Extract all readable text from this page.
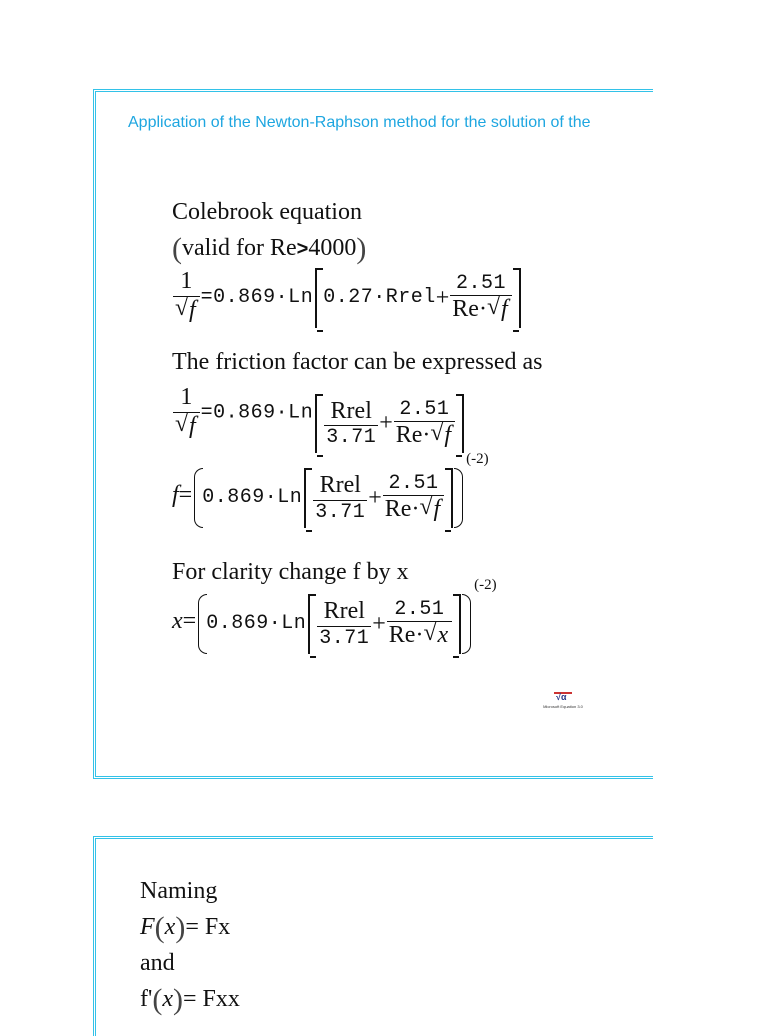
Application of the Newton-Raphson method for the solution of the
Colebrook equation
(valid for Re>4000)
1
√ f =0.869·Ln 0.27·Rrel + $\frac{2.51}{Re\cdot √ f}$
The friction factor can be expressed as
1
√ $f =0.869\cdot Ln \frac{\text{Rrel}}{3.71} + \frac{2.51}{Re\cdot √ f}$
$f= 0.869\cdot Ln \frac{\text{Rrel}}{3.71} + \frac{2.51}{Re\cdot √ f}$
$^{(-2)}$
For clarity change f by x
$x= 0.869\cdot Ln \frac{\text{Rrel}}{3.71} + \frac{2.51}{Re\cdot √ x}$
$^{(-2)}$
√α
Microsoft Equation 3.0
Naming
F(x)= Fx
and
f'(x)= Fxx
